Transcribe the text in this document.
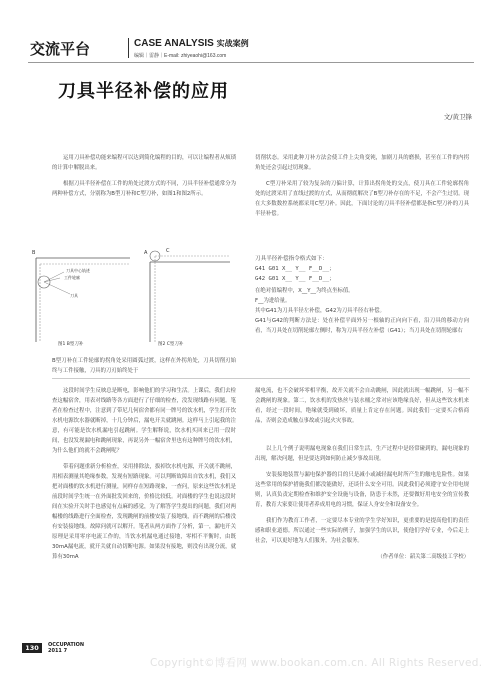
交流平台	CASE ANALYSIS 实战案例
编辑｜雷静｜E-mail: zhiyeaohi@163.com
刀具半径补偿的应用
文/黄卫锋

运用刀具补偿功能来编程可以达到简化编程的目的，可以让编程者从烦琐的计算中解脱出来。

根据刀具半径补偿在工件的角处过渡方式的不同，刀具半径补偿通常分为两种补偿方式，分别称为B型刀补和C型刀补，如图1和图2所示。

B
刀具中心轨迹
工件轮廓
刀具
A	C
图1 B型刀补	图2 C型刀补

B型刀补在工件轮廓的拐角处采用圆弧过渡，这样在外拐角处，刀具切削刃始终与工件接触，刀具的刀刃始终处于

切削状态。采用此种刀补方法会使工件上尖角变钝，加剧刀具的磨损，甚至在工件的内拐角处还会引起过切现象。

C型刀补采用了较为复杂的刀偏计算，计算出拐角处的交点，使刀具在工件轮廓拐角处的过渡采用了直线过渡的方式，从而彻底解决了B型刀补存在的不足，不会产生过切。现在大多数数控系统都采用C型刀补。因此，下面讨论的刀具半径补偿都是指C型刀补的刀具半径补偿。

刀具半径补偿指令格式如下：
G41 G01 X__ Y__ F__D__；
G42 G01 X__ Y__ F__D__；
在绝对值编程中，X__Y__为终点坐标值。
F__为进给量。
其中G41为刀具半径左补偿，G42为刀具半径右补偿。
G41与G42的判断方法是：处在补偿平面外另一根轴的正向向下看，沿刀具的移动方向看，当刀具处在切削轮廓左侧时，称为刀具半径左补偿（G41）；当刀具处在切削轮廓右

这段时间学生反映总是断电，影响他们的学习和生活。上课后，我们去检查这幅宿舍，用表对线路等各方面进行了仔细的检查，没发现线路有问题。笔者在检查过程中，注意到了带尼几何宿舍都有同一牌号的饮水机，学生打开饮水机电源饮水器就断掉，十几分钟后，漏电开关就跳闸。这样马上引起我的注意，有可能是饮水机漏电引起跳闸。学生解释说，饮水机买回来已用一段时间，也没发现漏电和跳闸现象，再说另外一幅宿舍里也有这种牌号的饮水机，为什么他们的就不会跳闸呢？

带着问题重新分析检查，采用排除法，拔掉饮水机电源，开关就不跳闸，用相表测量其绝缘参数，发现有短路现象。可以判断故障出自饮水机，我们又把对面楼的饮水机进行测量，同样存在短路现象，一查问，原来这些饮水机是前段时间学生统一在外面批发回来的，价格比较低。对面楼的学生也说这段时间在实验开关时手也感觉有点麻的感觉，为了解答学生提出的问题，我们对两幅楼的线路进行全面检查，发现跳闸的前楼安装了接地线，而不跳闸的后楼没有安装接地线。故障问就可以解开。笔者从两方面作了分析，第一，漏电开关原理是采用零序电流工作的，当饮水机漏电通过接地，零相不平衡时，由既30mA漏电流，就开关就自动切断电源。如果没有接地，则没有出现分流，就算有30mA

漏电流，也不会破坏零相平衡，故开关就不会自动跳闸，因此就出现一幅跳闸，另一幅不会跳闸的现象。第二，饮水机的发热丝与装水桶之常对应该绝缘良好，但从这些饮水机来看，经过一段时间，绝缘就受到破坏，质量上肯定存在问题。因此我们一定要买合格商品，否则会造成触点事故或引起火灾事故。

以上几个例子说明漏电现象在我们日常生活，生产过程中是经常碰到的，漏电现象的出现，解决问题，但是要达到如何防止减少事故出现。

安装接地装置与漏电保护器的目的只是减小或减轻漏电时所产生的触电危险性。如果这些常用的保护措施我们都没能做好，还谈什么安全可用。因此我们必须遵守安全用电规则，认真负责定期检查和维护安全设施与设备，防患于未然，还要做好用电安全的宣传教育，教育大家要让使用者养成用电的习惯，保证人身安全和设备安全。

我们作为教育工作者，一定要尽本专业的学生学好知识，更重要的是提高他们的责任感和职业道德。所以通过一些实际的例子，加强学生的认识，使他们学好专业，今后走上社会，可以更好地为人们服务，为社会服务。

（作者单位：韶关第二高级技工学校）
130	OCCUPATION
2011 7
Copyright©博看网 www.bookan.com.cn. All Rights Reserved.
